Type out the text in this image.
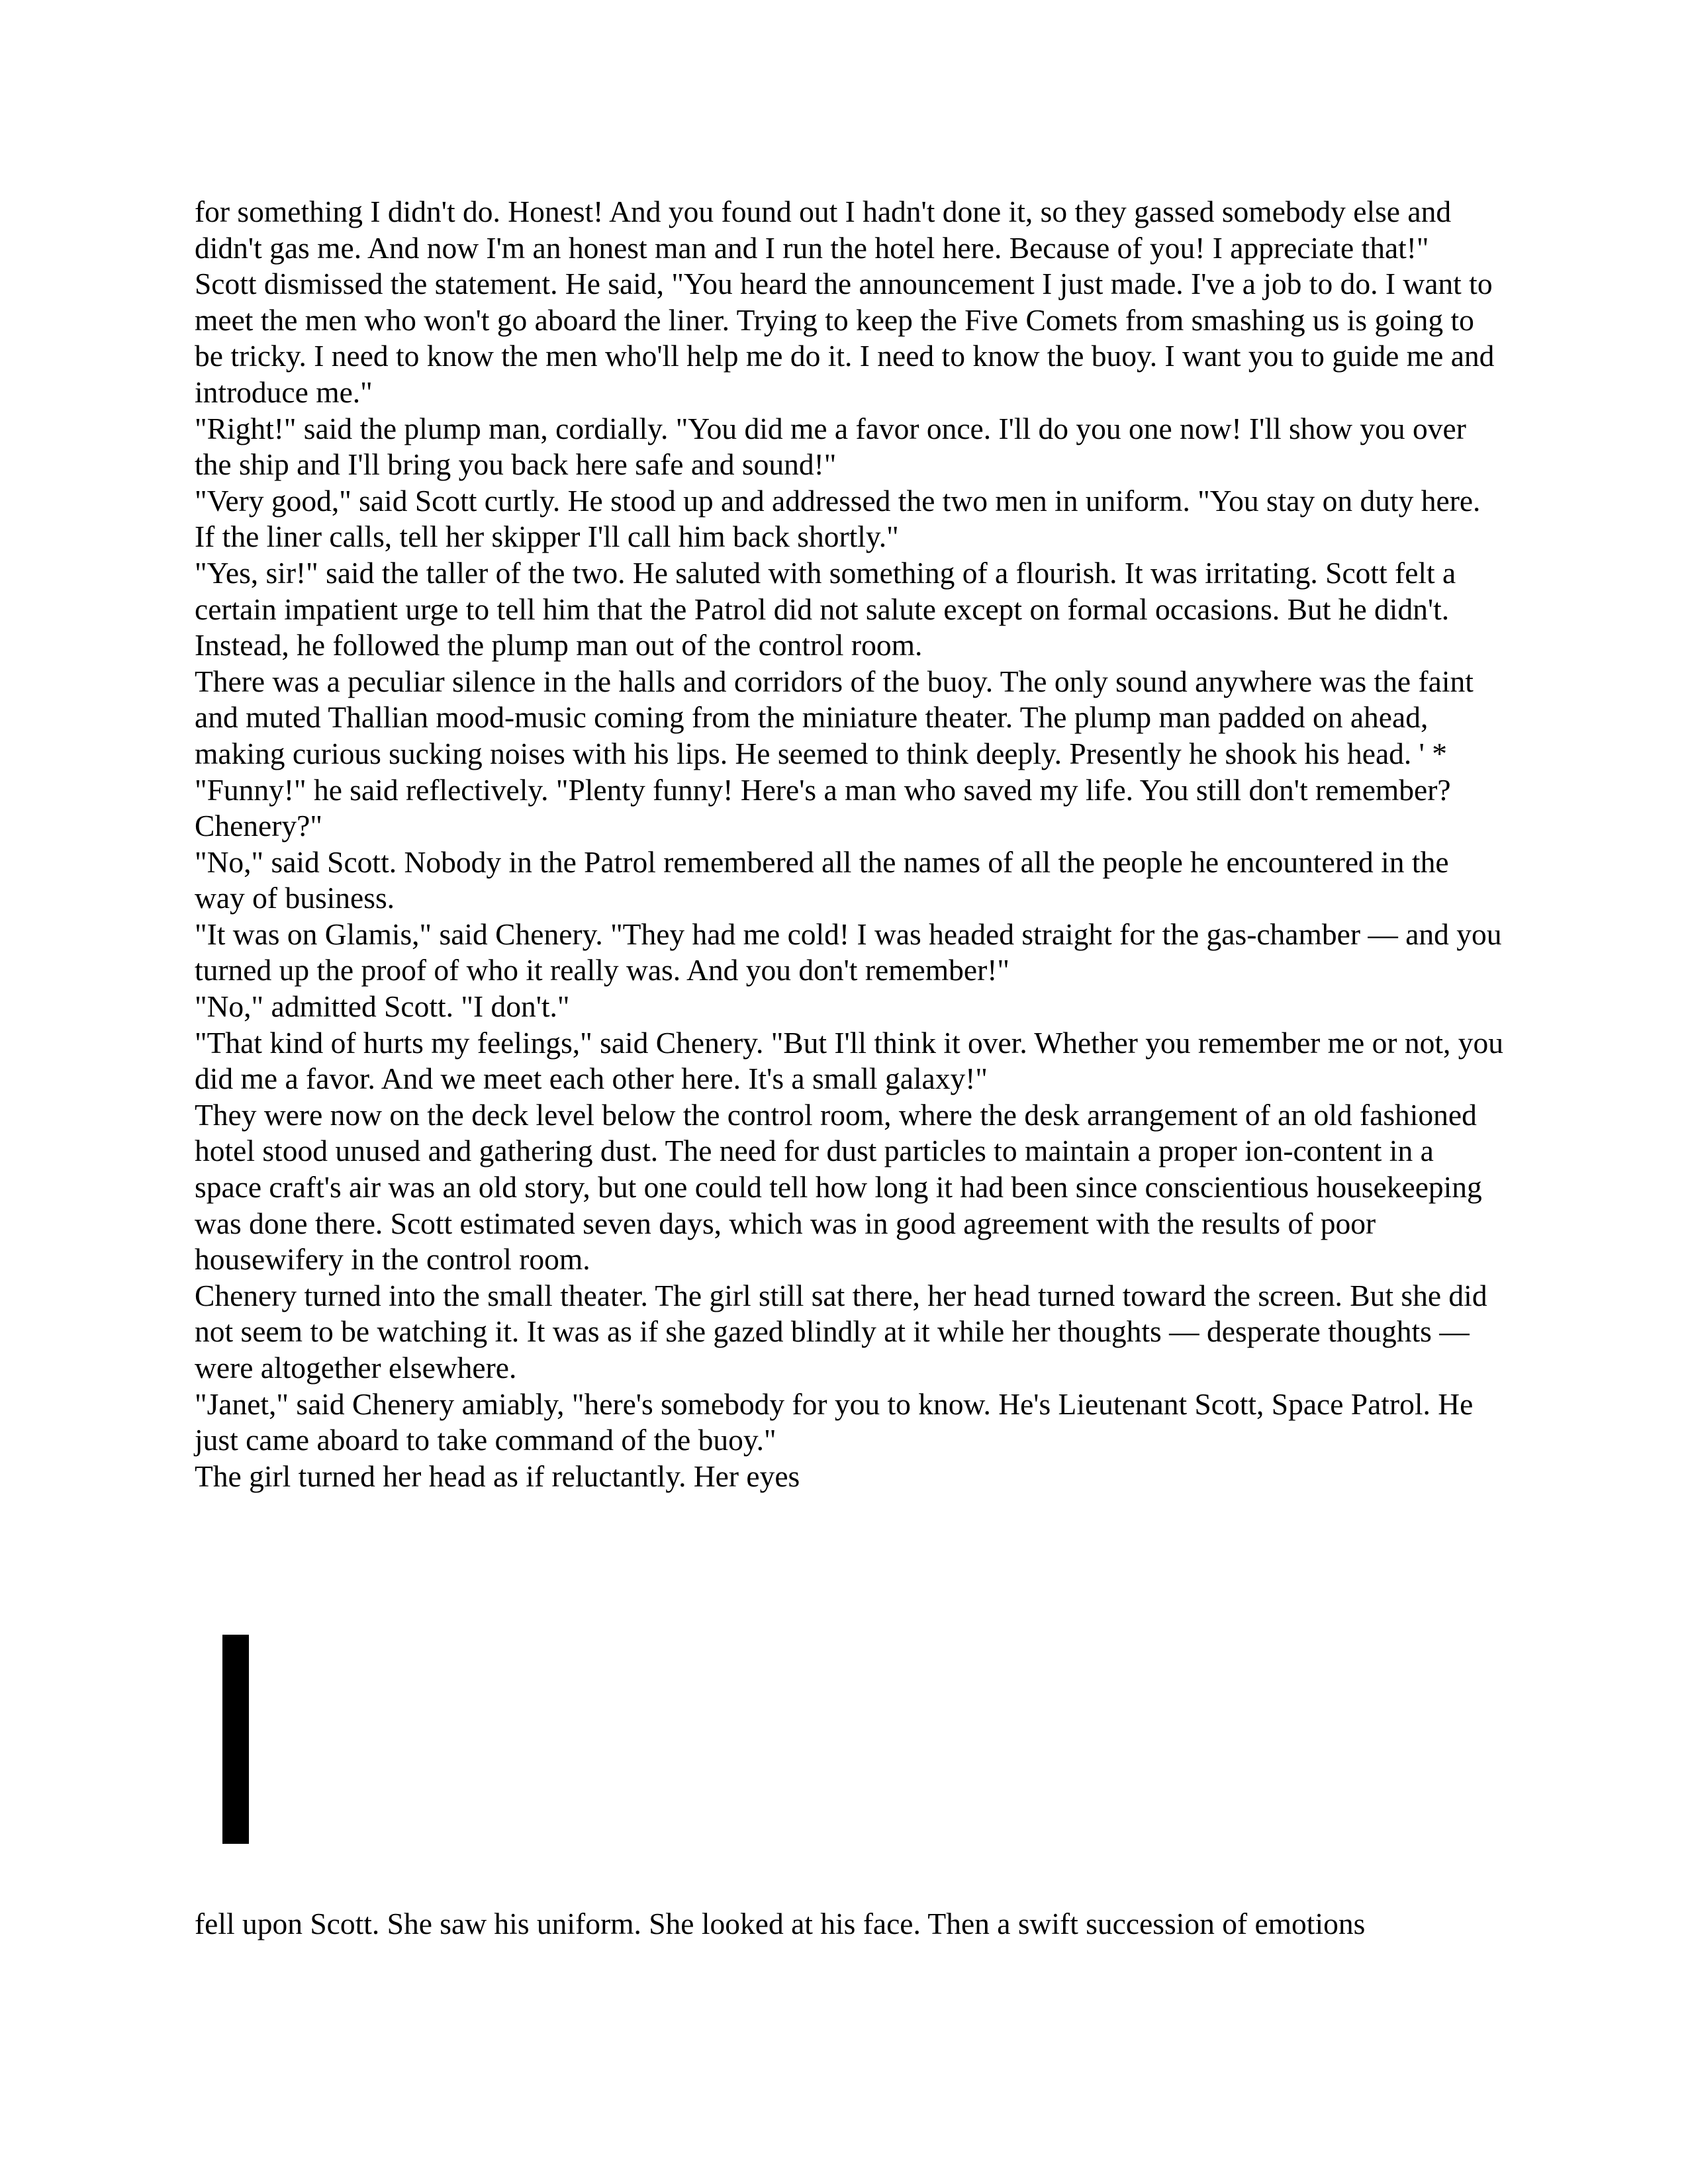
for something I didn't do. Honest! And you found out I hadn't done it, so they gassed somebody else and didn't gas me. And now I'm an honest man and I run the hotel here. Because of you! I appreciate that!"

Scott dismissed the statement. He said, "You heard the announcement I just made. I've a job to do. I want to meet the men who won't go aboard the liner. Trying to keep the Five Comets from smashing us is going to be tricky. I need to know the men who'll help me do it. I need to know the buoy. I want you to guide me and introduce me."

"Right!" said the plump man, cordially. "You did me a favor once. I'll do you one now! I'll show you over the ship and I'll bring you back here safe and sound!"

"Very good," said Scott curtly. He stood up and addressed the two men in uniform. "You stay on duty here. If the liner calls, tell her skipper I'll call him back shortly."

"Yes, sir!" said the taller of the two. He saluted with something of a flourish. It was irritating. Scott felt a certain impatient urge to tell him that the Patrol did not salute except on formal occasions. But he didn't. Instead, he followed the plump man out of the control room.

There was a peculiar silence in the halls and corridors of the buoy. The only sound anywhere was the faint and muted Thallian mood-music coming from the miniature theater. The plump man padded on ahead, making curious sucking noises with his lips. He seemed to think deeply. Presently he shook his head. ' *

"Funny!" he said reflectively. "Plenty funny! Here's a man who saved my life. You still don't remember? Chenery?"

"No," said Scott. Nobody in the Patrol remembered all the names of all the people he encountered in the way of business.

"It was on Glamis," said Chenery. "They had me cold! I was headed straight for the gas-chamber — and you turned up the proof of who it really was. And you don't remember!"

"No," admitted Scott. "I don't."

"That kind of hurts my feelings," said Chenery. "But I'll think it over. Whether you remember me or not, you did me a favor. And we meet each other here. It's a small galaxy!"

They were now on the deck level below the control room, where the desk arrangement of an old fashioned hotel stood unused and gathering dust. The need for dust particles to maintain a proper ion-content in a space craft's air was an old story, but one could tell how long it had been since conscientious housekeeping was done there. Scott estimated seven days, which was in good agreement with the results of poor housewifery in the control room.

Chenery turned into the small theater. The girl still sat there, her head turned toward the screen. But she did not seem to be watching it. It was as if she gazed blindly at it while her thoughts — desperate thoughts — were altogether elsewhere.

"Janet," said Chenery amiably, "here's somebody for you to know. He's Lieutenant Scott, Space Patrol. He just came aboard to take command of the buoy."

The girl turned her head as if reluctantly. Her eyes

fell upon Scott. She saw his uniform. She looked at his face. Then a swift succession of emotions
